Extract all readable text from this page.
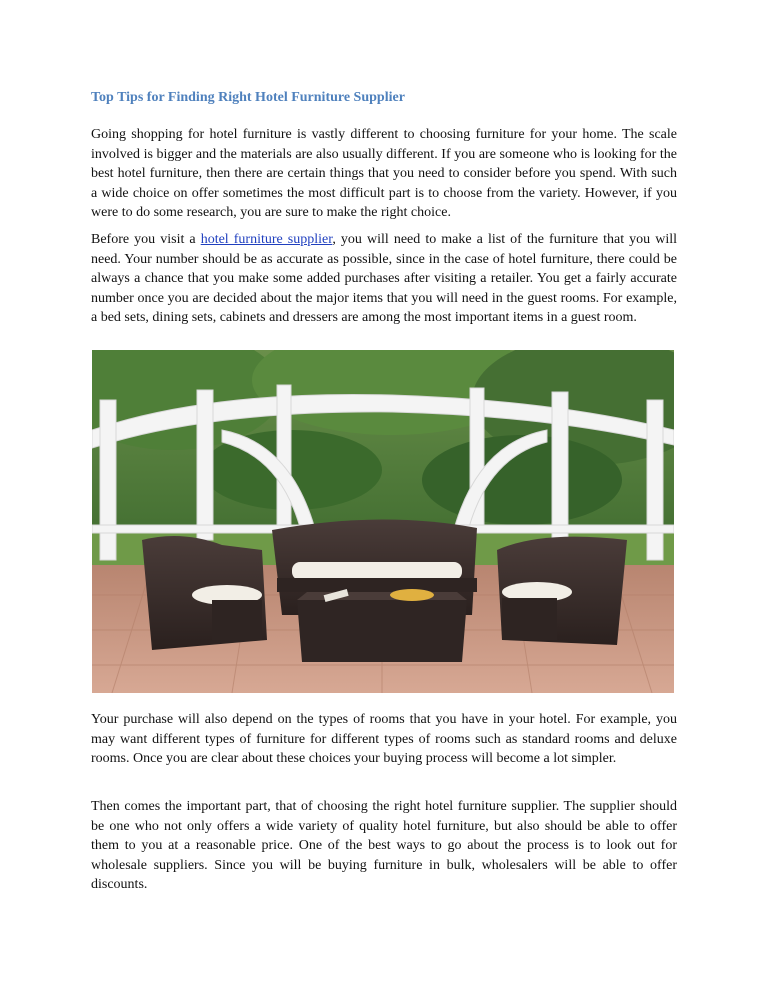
Top Tips for Finding Right Hotel Furniture Supplier

Going shopping for hotel furniture is vastly different to choosing furniture for your home. The scale involved is bigger and the materials are also usually different. If you are someone who is looking for the best hotel furniture, then there are certain things that you need to consider before you spend. With such a wide choice on offer sometimes the most difficult part is to choose from the variety. However, if you were to do some research, you are sure to make the right choice.

Before you visit a hotel furniture supplier, you will need to make a list of the furniture that you will need. Your number should be as accurate as possible, since in the case of hotel furniture, there could be always a chance that you make some added purchases after visiting a retailer. You get a fairly accurate number once you are decided about the major items that you will need in the guest rooms. For example, a bed sets, dining sets, cabinets and dressers are among the most important items in a guest room.

Your purchase will also depend on the types of rooms that you have in your hotel. For example, you may want different types of furniture for different types of rooms such as standard rooms and deluxe rooms. Once you are clear about these choices your buying process will become a lot simpler.

Then comes the important part, that of choosing the right hotel furniture supplier. The supplier should be one who not only offers a wide variety of quality hotel furniture, but also should be able to offer them to you at a reasonable price. One of the best ways to go about the process is to look out for wholesale suppliers. Since you will be buying furniture in bulk, wholesalers will be able to offer discounts.
